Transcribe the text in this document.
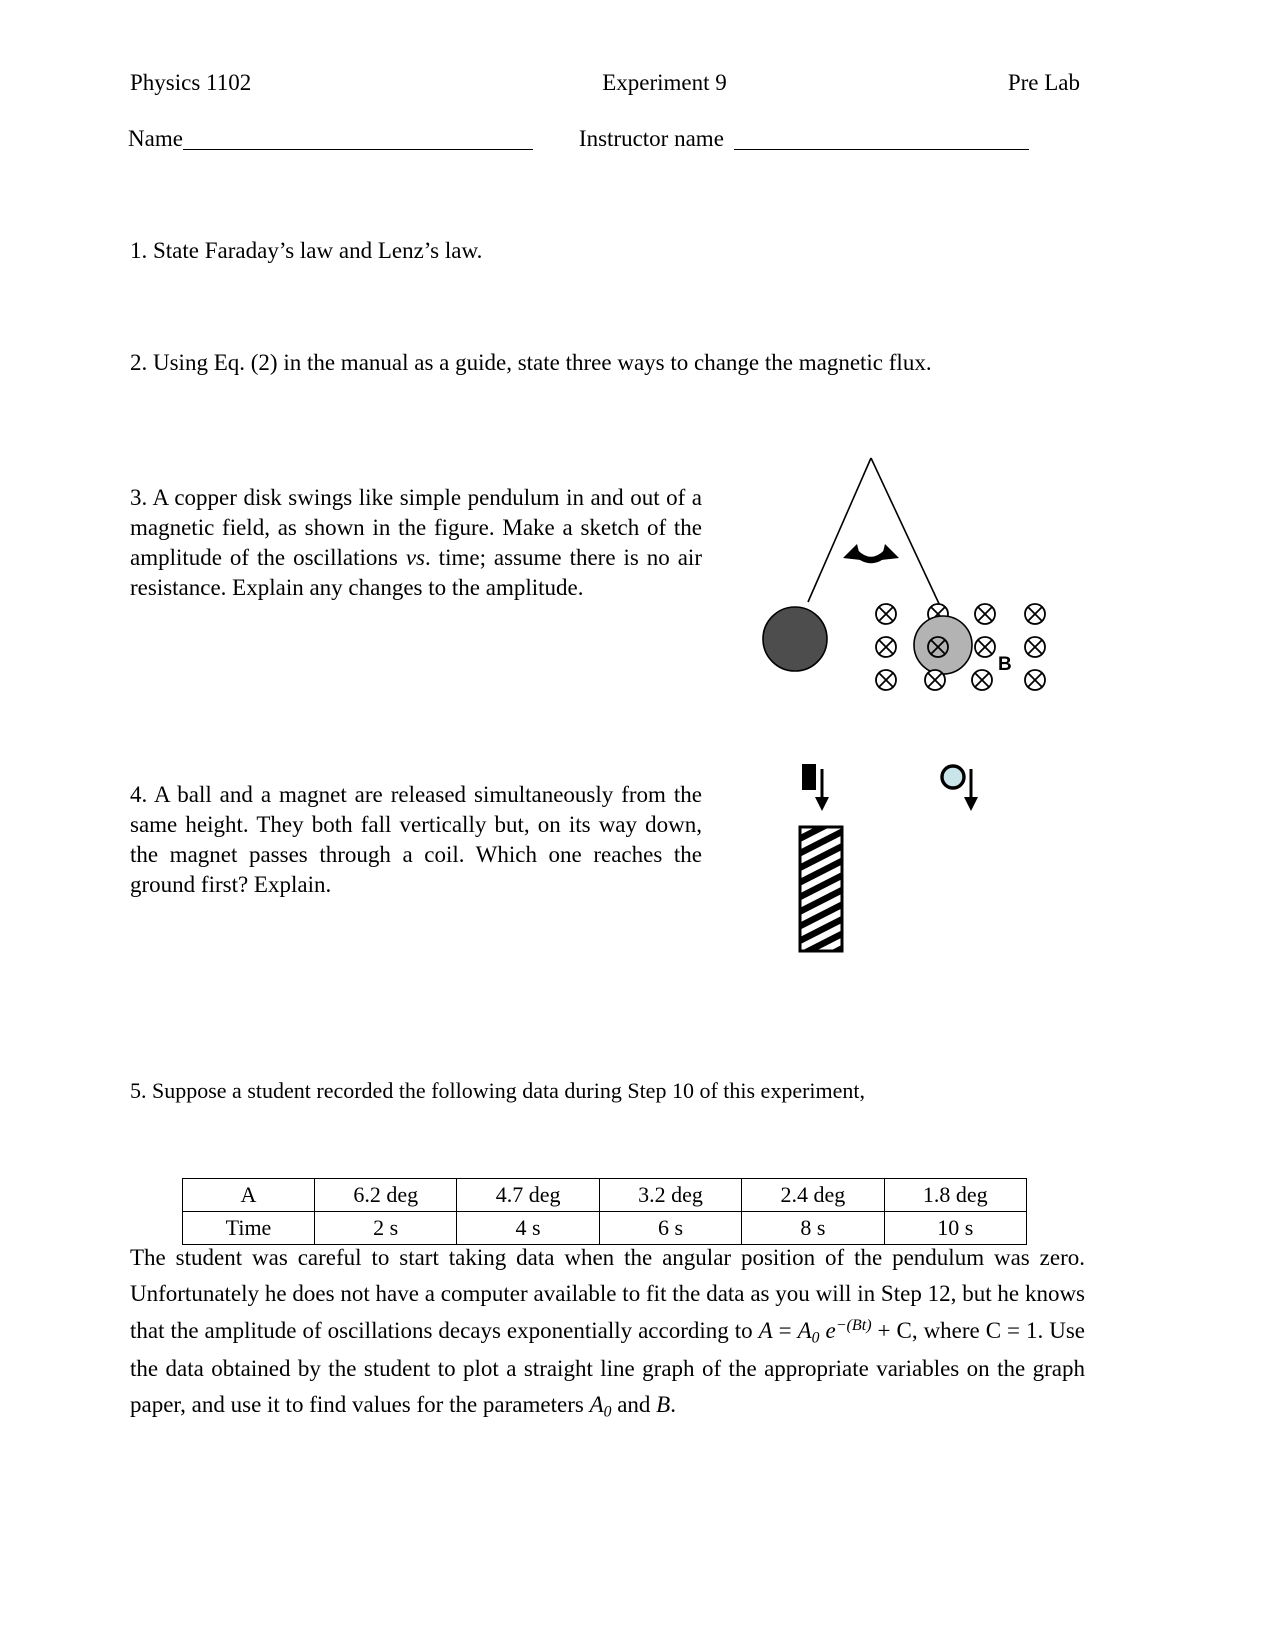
Physics 1102	Experiment 9	Pre Lab
Name	Instructor name
1. State Faraday’s law and Lenz’s law.
2. Using Eq. (2) in the manual as a guide, state three ways to change the magnetic flux.
3. A copper disk swings like simple pendulum in and out of a magnetic field, as shown in the figure. Make a sketch of the amplitude of the oscillations vs. time; assume there is no air resistance. Explain any changes to the amplitude.
B
4. A ball and a magnet are released simultaneously from the same height. They both fall vertically but, on its way down, the magnet passes through a coil. Which one reaches the ground first? Explain.
5. Suppose a student recorded the following data during Step 10 of this experiment,
A	6.2 deg	4.7 deg	3.2 deg	2.4 deg	1.8 deg
Time	2 s	4 s	6 s	8 s	10 s
The student was careful to start taking data when the angular position of the pendulum was zero. Unfortunately he does not have a computer available to fit the data as you will in Step 12, but he knows that the amplitude of oscillations decays exponentially according to $A = A_0$ $e^{-(Bt)} + C$, where C = 1. Use the data obtained by the student to plot a straight line graph of the appropriate variables on the graph paper, and use it to find values for the parameters $A_0$ and B.
